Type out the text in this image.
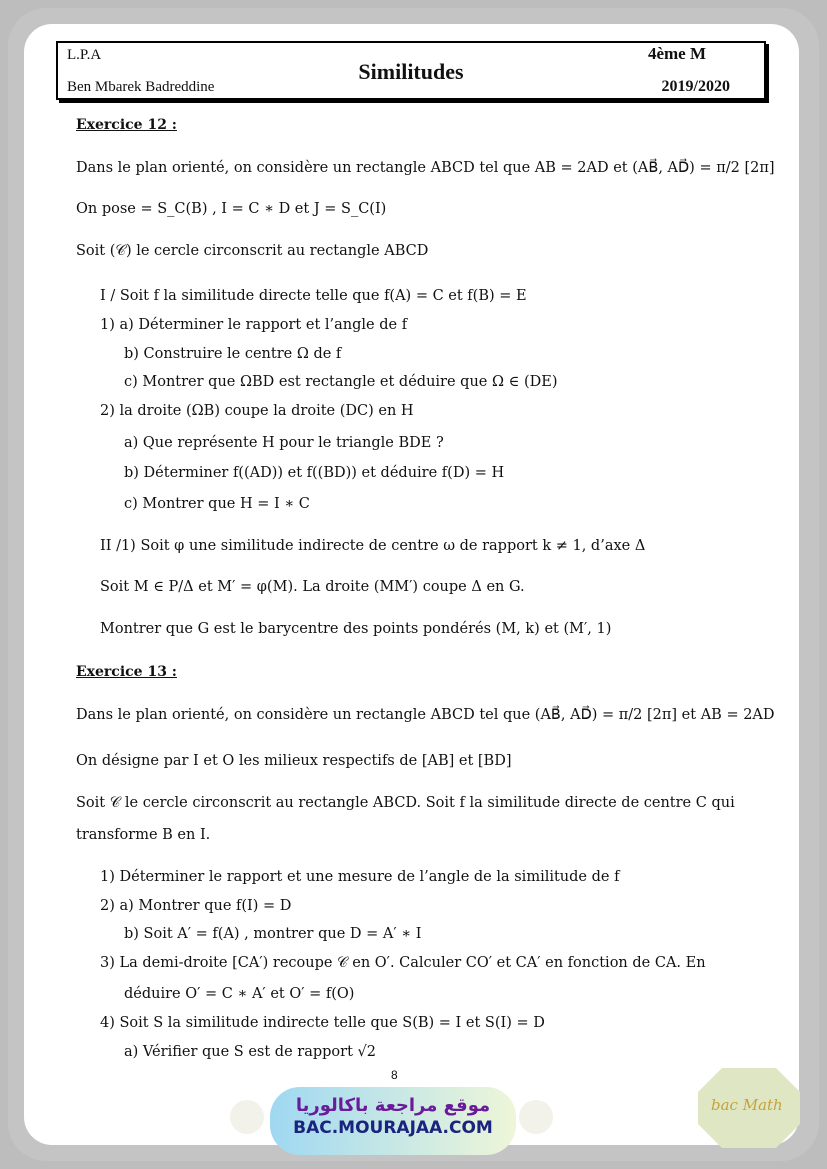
L.P.A
Ben Mbarek Badreddine
Similitudes
4ème M
2019/2020
Exercice 12 :
Dans le plan orienté, on considère un rectangle ABCD tel que AB = 2AD et (AB⃗, AD⃗) = π/2 [2π]
On pose = S_C(B) , I = C ∗ D et J = S_C(I)
Soit (𝒞) le cercle circonscrit au rectangle ABCD
I / Soit f la similitude directe telle que f(A) = C et f(B) = E
1) a) Déterminer le rapport et l’angle de f
b) Construire le centre Ω de f
c) Montrer que ΩBD est rectangle et déduire que Ω ∈ (DE)
2) la droite (ΩB) coupe la droite (DC) en H
a) Que représente H pour le triangle BDE ?
b) Déterminer f((AD)) et f((BD)) et déduire f(D) = H
c) Montrer que H = I ∗ C
II /1) Soit φ une similitude indirecte de centre ω de rapport k ≠ 1, d’axe Δ
Soit M ∈ P/Δ et M′ = φ(M). La droite (MM′) coupe Δ en G.
Montrer que G est le barycentre des points pondérés (M, k) et (M′, 1)
Exercice 13 :
Dans le plan orienté, on considère un rectangle ABCD tel que (AB⃗, AD⃗) = π/2 [2π] et AB = 2AD
On désigne par I et O les milieux respectifs de [AB] et [BD]
Soit 𝒞 le cercle circonscrit au rectangle ABCD. Soit f la similitude directe de centre C qui
transforme B en I.
1) Déterminer le rapport et une mesure de l’angle de la similitude de f
2) a) Montrer que f(I) = D
b) Soit A′ = f(A) , montrer que D = A′ ∗ I
3) La demi-droite [CA′) recoupe 𝒞 en O′. Calculer CO′ et CA′ en fonction de CA. En
déduire O′ = C ∗ A′ et O′ = f(O)
4) Soit S la similitude indirecte telle que S(B) = I et S(I) = D
a) Vérifier que S est de rapport √2
8
موقع مراجعة باكالوريا
BAC.MOURAJAA.COM
bac Math
